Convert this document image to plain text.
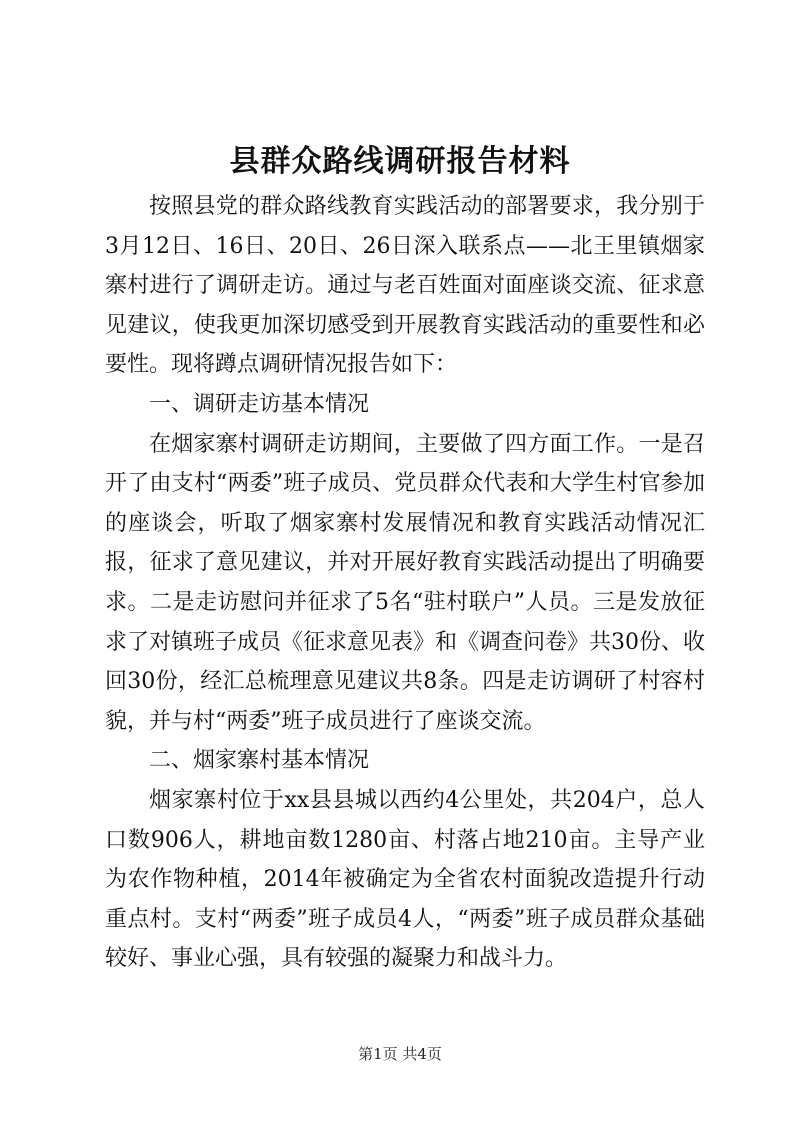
县群众路线调研报告材料

按照县党的群众路线教育实践活动的部署要求，我分别于3月12日、16日、20日、26日深入联系点——北王里镇烟家寨村进行了调研走访。通过与老百姓面对面座谈交流、征求意见建议，使我更加深切感受到开展教育实践活动的重要性和必要性。现将蹲点调研情况报告如下：

一、调研走访基本情况

在烟家寨村调研走访期间，主要做了四方面工作。一是召开了由支村“两委”班子成员、党员群众代表和大学生村官参加的座谈会，听取了烟家寨村发展情况和教育实践活动情况汇报，征求了意见建议，并对开展好教育实践活动提出了明确要求。二是走访慰问并征求了5名“驻村联户”人员。三是发放征求了对镇班子成员《征求意见表》和《调查问卷》共30份、收回30份，经汇总梳理意见建议共8条。四是走访调研了村容村貌，并与村“两委”班子成员进行了座谈交流。

二、烟家寨村基本情况

烟家寨村位于xx县县城以西约4公里处，共204户，总人口数906人，耕地亩数1280亩、村落占地210亩。主导产业为农作物种植，2014年被确定为全省农村面貌改造提升行动重点村。支村“两委”班子成员4人，“两委”班子成员群众基础较好、事业心强，具有较强的凝聚力和战斗力。

第1页 共4页
